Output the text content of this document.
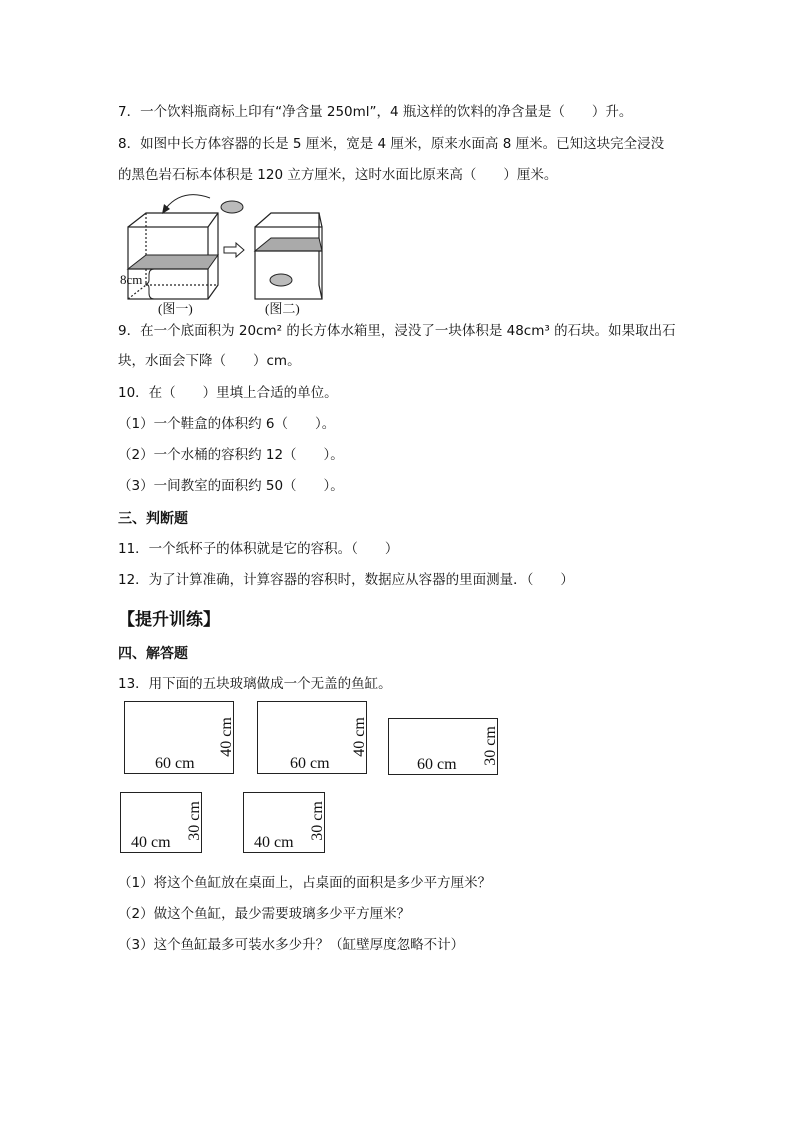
7．一个饮料瓶商标上印有“净含量 250ml”，4 瓶这样的饮料的净含量是（　　）升。
8．如图中长方体容器的长是 5 厘米，宽是 4 厘米，原来水面高 8 厘米。已知这块完全浸没
的黑色岩石标本体积是 120 立方厘米，这时水面比原来高（　　）厘米。
8cm
(图一)	(图二)
9．在一个底面积为 20cm² 的长方体水箱里，浸没了一块体积是 48cm³ 的石块。如果取出石
块，水面会下降（　　）cm。
10．在（　　）里填上合适的单位。
（1）一个鞋盒的体积约 6（　　）。
（2）一个水桶的容积约 12（　　）。
（3）一间教室的面积约 50（　　）。
三、判断题
11．一个纸杯子的体积就是它的容积。（　　）
12．为了计算准确，计算容器的容积时，数据应从容器的里面测量．（　　）
【提升训练】
四、解答题
13．用下面的五块玻璃做成一个无盖的鱼缸。
60 cm
40 cm
60 cm
40 cm
60 cm 30 cm
40 cm
30 cm
40 cm
30 cm
（1）将这个鱼缸放在桌面上，占桌面的面积是多少平方厘米？
（2）做这个鱼缸，最少需要玻璃多少平方厘米？
（3）这个鱼缸最多可装水多少升？（缸壁厚度忽略不计）
